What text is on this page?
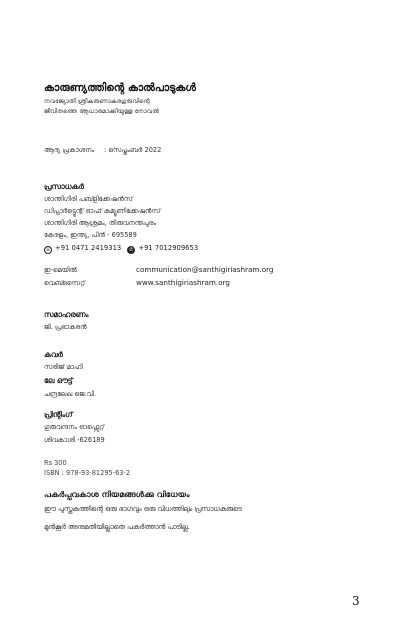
കാരുണ്യത്തിന്റെ കാൽപാടുകൾ
നവജ്യോതി ശ്രീകരുണാകരഗുരുവിന്റെ
ജീവിതത്തെ ആധാരമാക്കിയുള്ള നോവൽ
ആദ്യ പ്രകാശനം : സെപ്തംബർ 2022
പ്രസാധകർ
ശാന്തിഗിരി പബ്ളിക്കേഷൻസ്
ഡിപ്പാർട്ട്മെന്റ് ഓഫ് കമ്യൂണിക്കേഷൻസ്
ശാന്തിഗിരി ആശ്രമം, തിരുവനന്തപുരം
കേരളം, ഇന്ത്യ, പിൻ - 695589
☏ +91 0471 2419313 ✆ +91 7012909653
ഇ-മെയിൽ	communication@santhigiriashram.org
വെബ്സൈറ്റ്	www.santhigiriashram.org
സമാഹരണം
ജി. പ്രഭാകരൻ
കവർ
സരിജ് മാഹി
ലേ ഔട്ട്
ചന്ദ്രലേഖ ജെ.വി.
പ്രിന്റിംഗ്
ഗുരുവന്ദനം ഓഫ്സെറ്റ്
ശിവകാശി -626189
Rs 300
ISBN : 978-93-81295-63-2
പകർപ്പവകാശ നിയമങ്ങൾക്കു വിധേയം
ഈ പുസ്തകത്തിന്റെ ഒരു ഭാഗവും ഒരു വിധത്തിലും പ്രസാധകരുടെ
മുൻകൂർ അനുമതിയില്ലാതെ പകർത്താൻ പാടില്ല.
3
